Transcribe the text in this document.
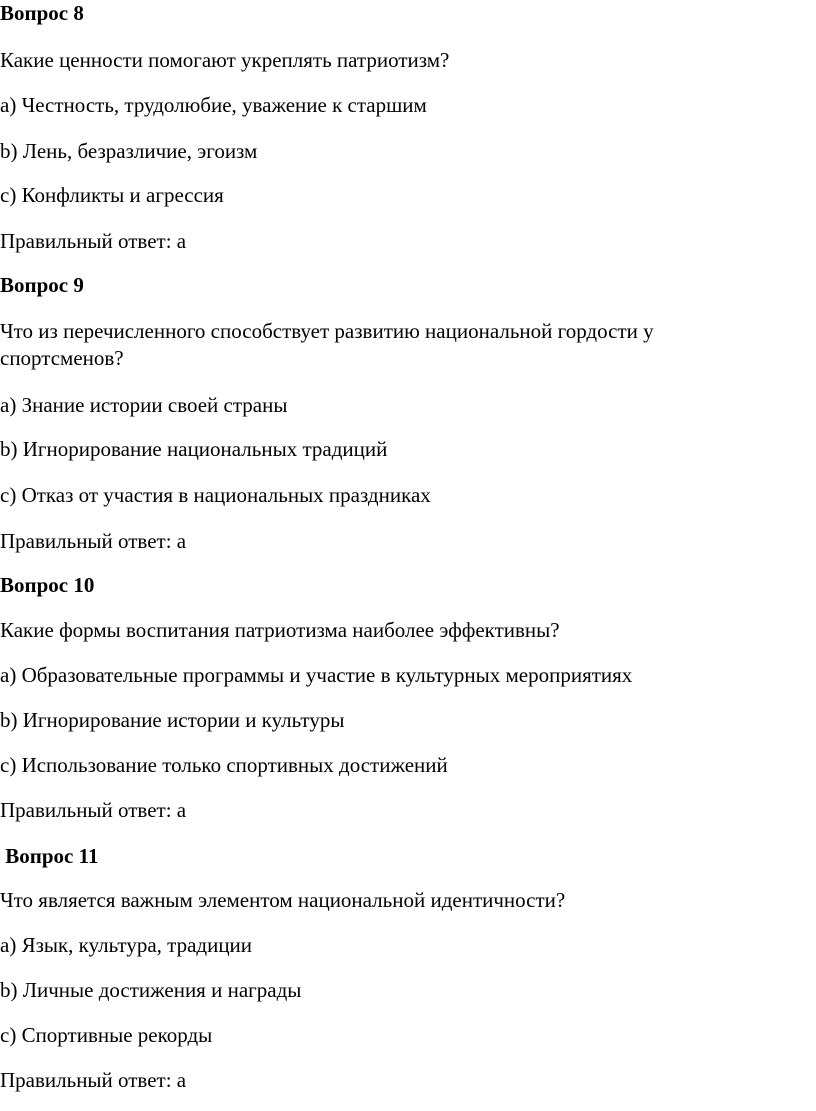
Вопрос 8

Какие ценности помогают укреплять патриотизм?

a) Честность, трудолюбие, уважение к старшим

b) Лень, безразличие, эгоизм

c) Конфликты и агрессия

Правильный ответ: a

Вопрос 9

Что из перечисленного способствует развитию национальной гордости у спортсменов?

a) Знание истории своей страны

b) Игнорирование национальных традиций

c) Отказ от участия в национальных праздниках

Правильный ответ: a

Вопрос 10

Какие формы воспитания патриотизма наиболее эффективны?

a) Образовательные программы и участие в культурных мероприятиях

b) Игнорирование истории и культуры

c) Использование только спортивных достижений

Правильный ответ: a

Вопрос 11

Что является важным элементом национальной идентичности?

a) Язык, культура, традиции

b) Личные достижения и награды

c) Спортивные рекорды

Правильный ответ: a
